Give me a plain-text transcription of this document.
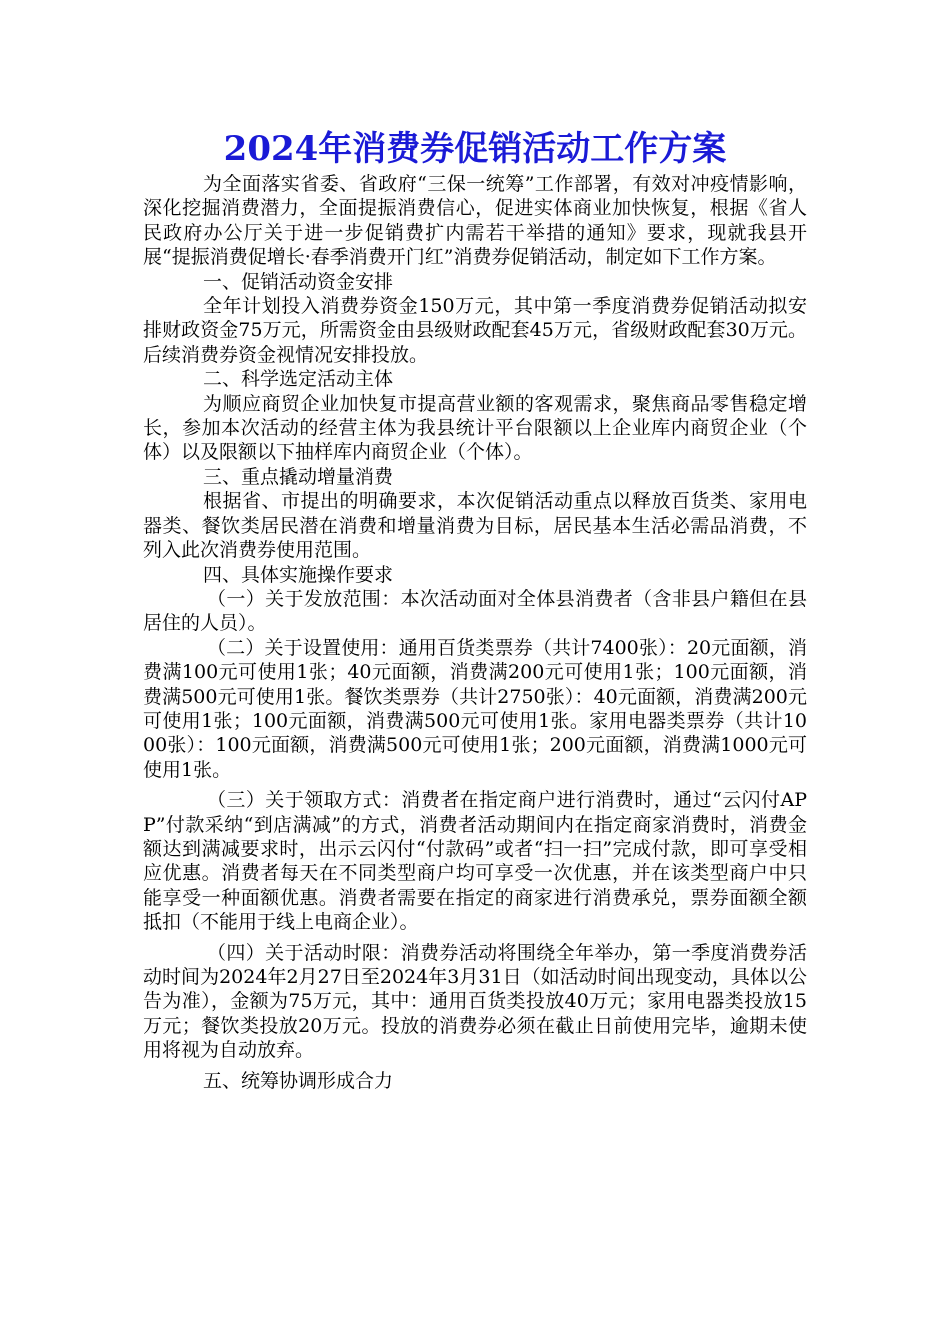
2024年消费券促销活动工作方案

为全面落实省委、省政府“三保一统筹”工作部署，有效对冲疫情影响，深化挖掘消费潜力，全面提振消费信心，促进实体商业加快恢复，根据《省人民政府办公厅关于进一步促销费扩内需若干举措的通知》要求，现就我县开展“提振消费促增长·春季消费开门红”消费券促销活动，制定如下工作方案。

一、促销活动资金安排

全年计划投入消费券资金150万元，其中第一季度消费券促销活动拟安排财政资金75万元，所需资金由县级财政配套45万元，省级财政配套30万元。后续消费券资金视情况安排投放。

二、科学选定活动主体

为顺应商贸企业加快复市提高营业额的客观需求，聚焦商品零售稳定增长，参加本次活动的经营主体为我县统计平台限额以上企业库内商贸企业（个体）以及限额以下抽样库内商贸企业（个体）。

三、重点撬动增量消费

根据省、市提出的明确要求，本次促销活动重点以释放百货类、家用电器类、餐饮类居民潜在消费和增量消费为目标，居民基本生活必需品消费，不列入此次消费券使用范围。

四、具体实施操作要求

（一）关于发放范围：本次活动面对全体县消费者（含非县户籍但在县居住的人员）。

（二）关于设置使用：通用百货类票券（共计7400张）：20元面额，消费满100元可使用1张；40元面额，消费满200元可使用1张；100元面额，消费满500元可使用1张。餐饮类票券（共计2750张）：40元面额，消费满200元可使用1张；100元面额，消费满500元可使用1张。家用电器类票券（共计1000张）：100元面额，消费满500元可使用1张；200元面额，消费满1000元可使用1张。

（三）关于领取方式：消费者在指定商户进行消费时，通过“云闪付APP”付款采纳“到店满减”的方式，消费者活动期间内在指定商家消费时，消费金额达到满减要求时，出示云闪付“付款码”或者“扫一扫”完成付款，即可享受相应优惠。消费者每天在不同类型商户均可享受一次优惠，并在该类型商户中只能享受一种面额优惠。消费者需要在指定的商家进行消费承兑，票券面额全额抵扣（不能用于线上电商企业）。

（四）关于活动时限：消费券活动将围绕全年举办，第一季度消费券活动时间为2024年2月27日至2024年3月31日（如活动时间出现变动，具体以公告为准），金额为75万元，其中：通用百货类投放40万元；家用电器类投放15万元；餐饮类投放20万元。投放的消费券必须在截止日前使用完毕，逾期未使用将视为自动放弃。

五、统筹协调形成合力
